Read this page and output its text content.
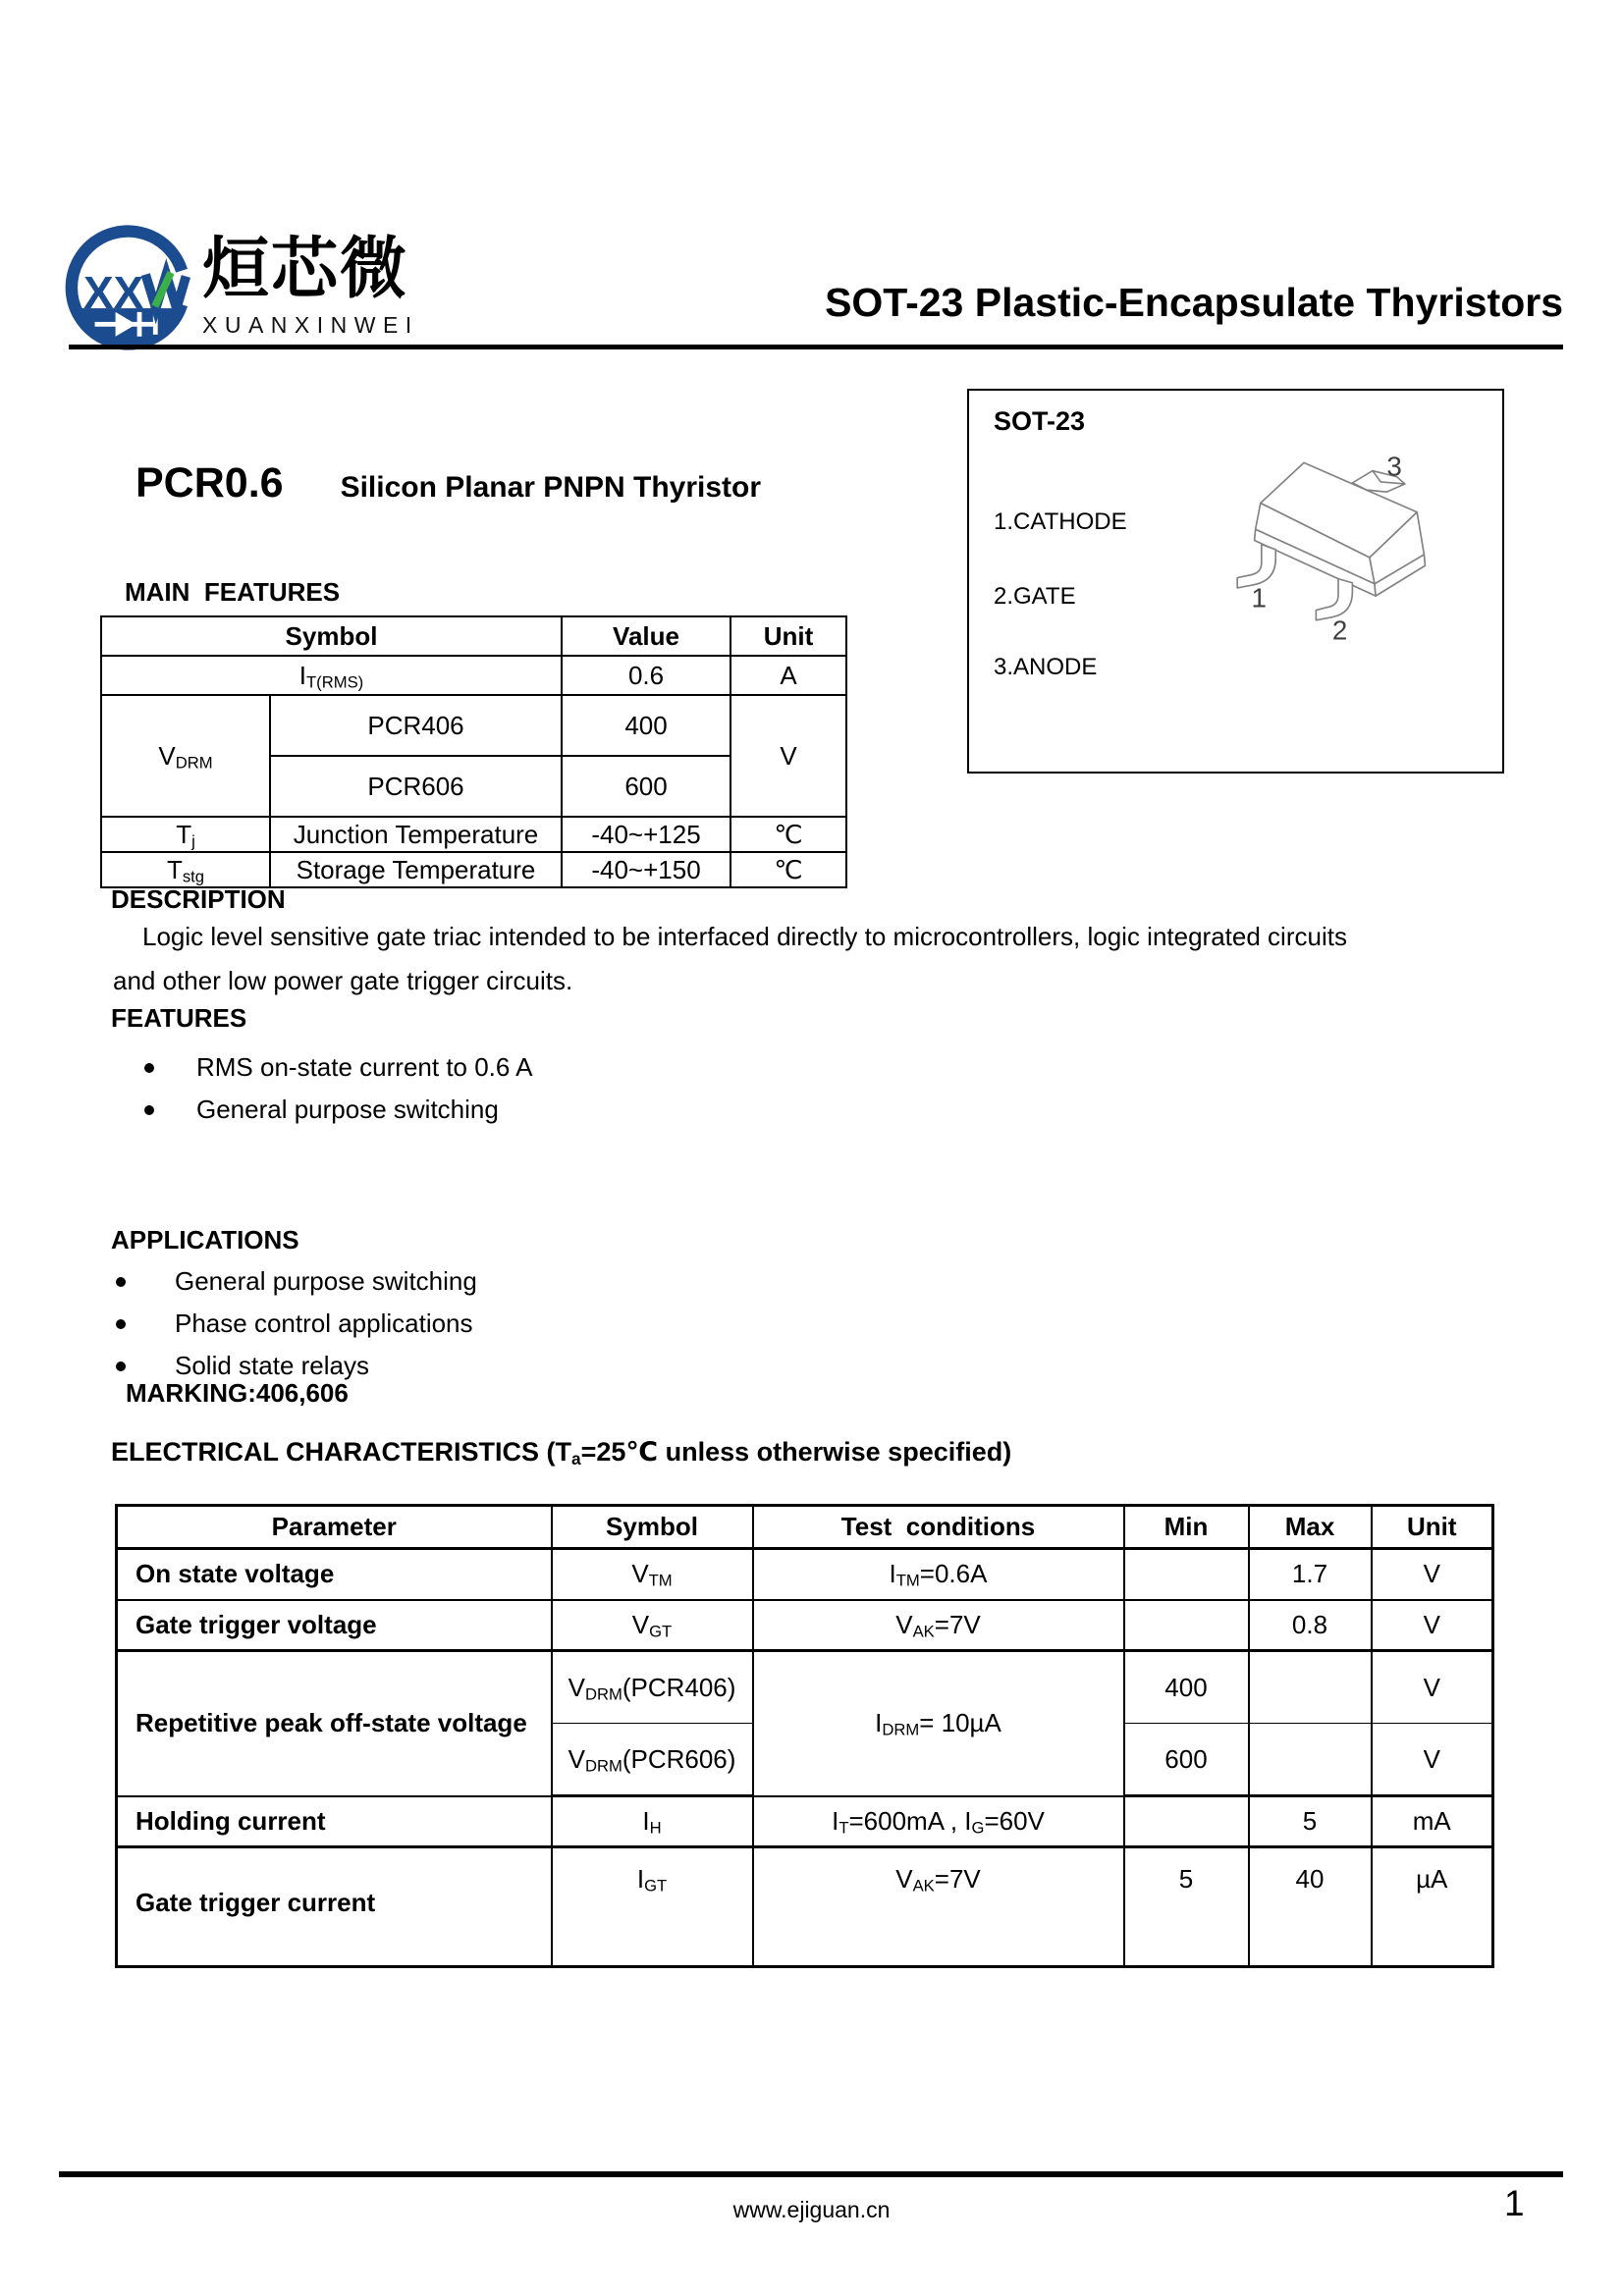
XX 烜芯微
XUANXINWEI	SOT-23 Plastic-Encapsulate Thyristors
PCR0.6 Silicon Planar PNPN Thyristor
SOT-23
1.CATHODE
2.GATE
3.ANODE
1
2
3
MAIN  FEATURES
Symbol		Value	Unit
$I_{T(RMS)}$		0.6	A
$V_{DRM}$	PCR406	400	V
	PCR606	600	
$T_j$	Junction Temperature	-40~+125	℃
$T_{stg}$	Storage Temperature	-40~+150	℃
DESCRIPTION
Logic level sensitive gate triac intended to be interfaced directly to microcontrollers, logic integrated circuits
and other low power gate trigger circuits.
FEATURES
RMS on-state current to 0.6 A
General purpose switching
APPLICATIONS
General purpose switching
Phase control applications
Solid state relays
MARKING:406,606
ELECTRICAL CHARACTERISTICS ($T_a=25℃$ unless otherwise specified)
Parameter	Symbol	Test  conditions	Min	Max	Unit
On state voltage	$V_{TM}$	$I_{TM}=0.6A$		1.7	V
Gate trigger voltage	$V_{GT}$	$V_{AK}=7V$		0.8	V
Repetitive peak off-state voltage	$V_{DRM}(PCR406)$	$I_{DRM}= 10\mu A$	400		V
	$V_{DRM}(PCR606)$		600		V
Holding current	$I_H$	$I_T=600mA$ , $I_G=60V$		5	mA
Gate trigger current	$I_{GT}$	$V_{AK}=7V$	5	40	µA
www.ejiguan.cn	1
